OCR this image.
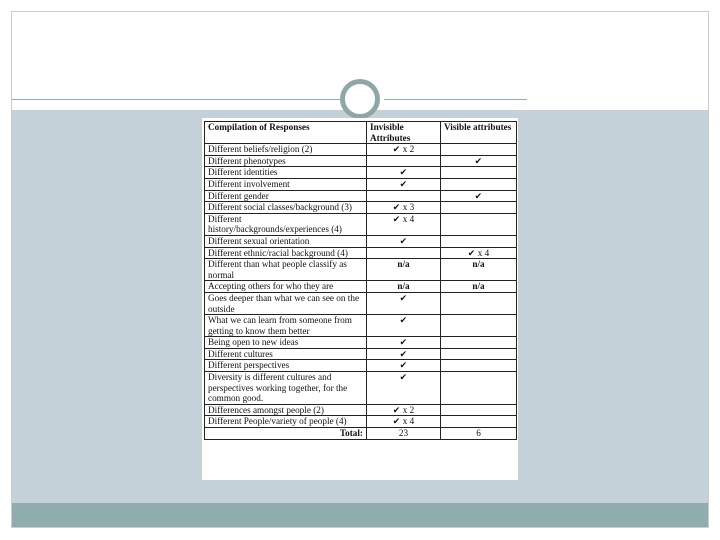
Compilation of Responses	Invisible Attributes	Visible attributes
Different beliefs/religion (2)	✔ x 2	
Different phenotypes		✔
Different identities	✔	
Different involvement	✔	
Different gender		✔
Different social classes/background (3)	✔ x 3	
Different history/backgrounds/experiences (4)	✔ x 4	
Different sexual orientation	✔	
Different ethnic/racial background (4)		✔ x 4
Different than what people classify as normal	n/a	n/a
Accepting others for who they are	n/a	n/a
Goes deeper than what we can see on the outside	✔	
What we can learn from someone from getting to know them better	✔	
Being open to new ideas	✔	
Different cultures	✔	
Different perspectives	✔	
Diversity is different cultures and perspectives working together, for the common good.	✔	
Differences amongst people (2)	✔ x 2	
Different People/variety of people (4)	✔ x 4	
Total:	23	6
